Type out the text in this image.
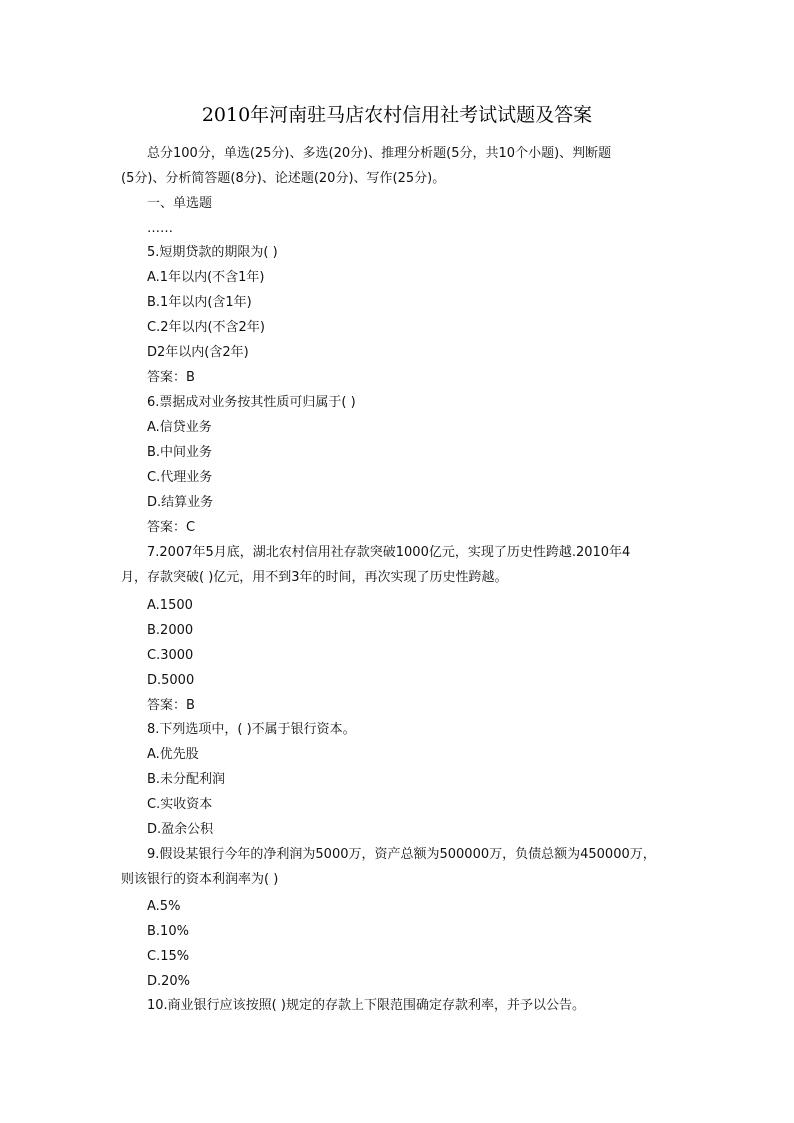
2010年河南驻马店农村信用社考试试题及答案
总分100分，单选(25分)、多选(20分)、推理分析题(5分，共10个小题)、判断题
(5分)、分析简答题(8分)、论述题(20分)、写作(25分)。
一、单选题
……
5.短期贷款的期限为( )
A.1年以内(不含1年)
B.1年以内(含1年)
C.2年以内(不含2年)
D2年以内(含2年)
答案：B
6.票据成对业务按其性质可归属于( )
A.信贷业务
B.中间业务
C.代理业务
D.结算业务
答案：C
7.2007年5月底，湖北农村信用社存款突破1000亿元，实现了历史性跨越.2010年4
月，存款突破( )亿元，用不到3年的时间，再次实现了历史性跨越。
A.1500
B.2000
C.3000
D.5000
答案：B
8.下列选项中，( )不属于银行资本。
A.优先股
B.未分配利润
C.实收资本
D.盈余公积
9.假设某银行今年的净利润为5000万，资产总额为500000万，负债总额为450000万，
则该银行的资本利润率为( )
A.5%
B.10%
C.15%
D.20%
10.商业银行应该按照( )规定的存款上下限范围确定存款利率，并予以公告。
